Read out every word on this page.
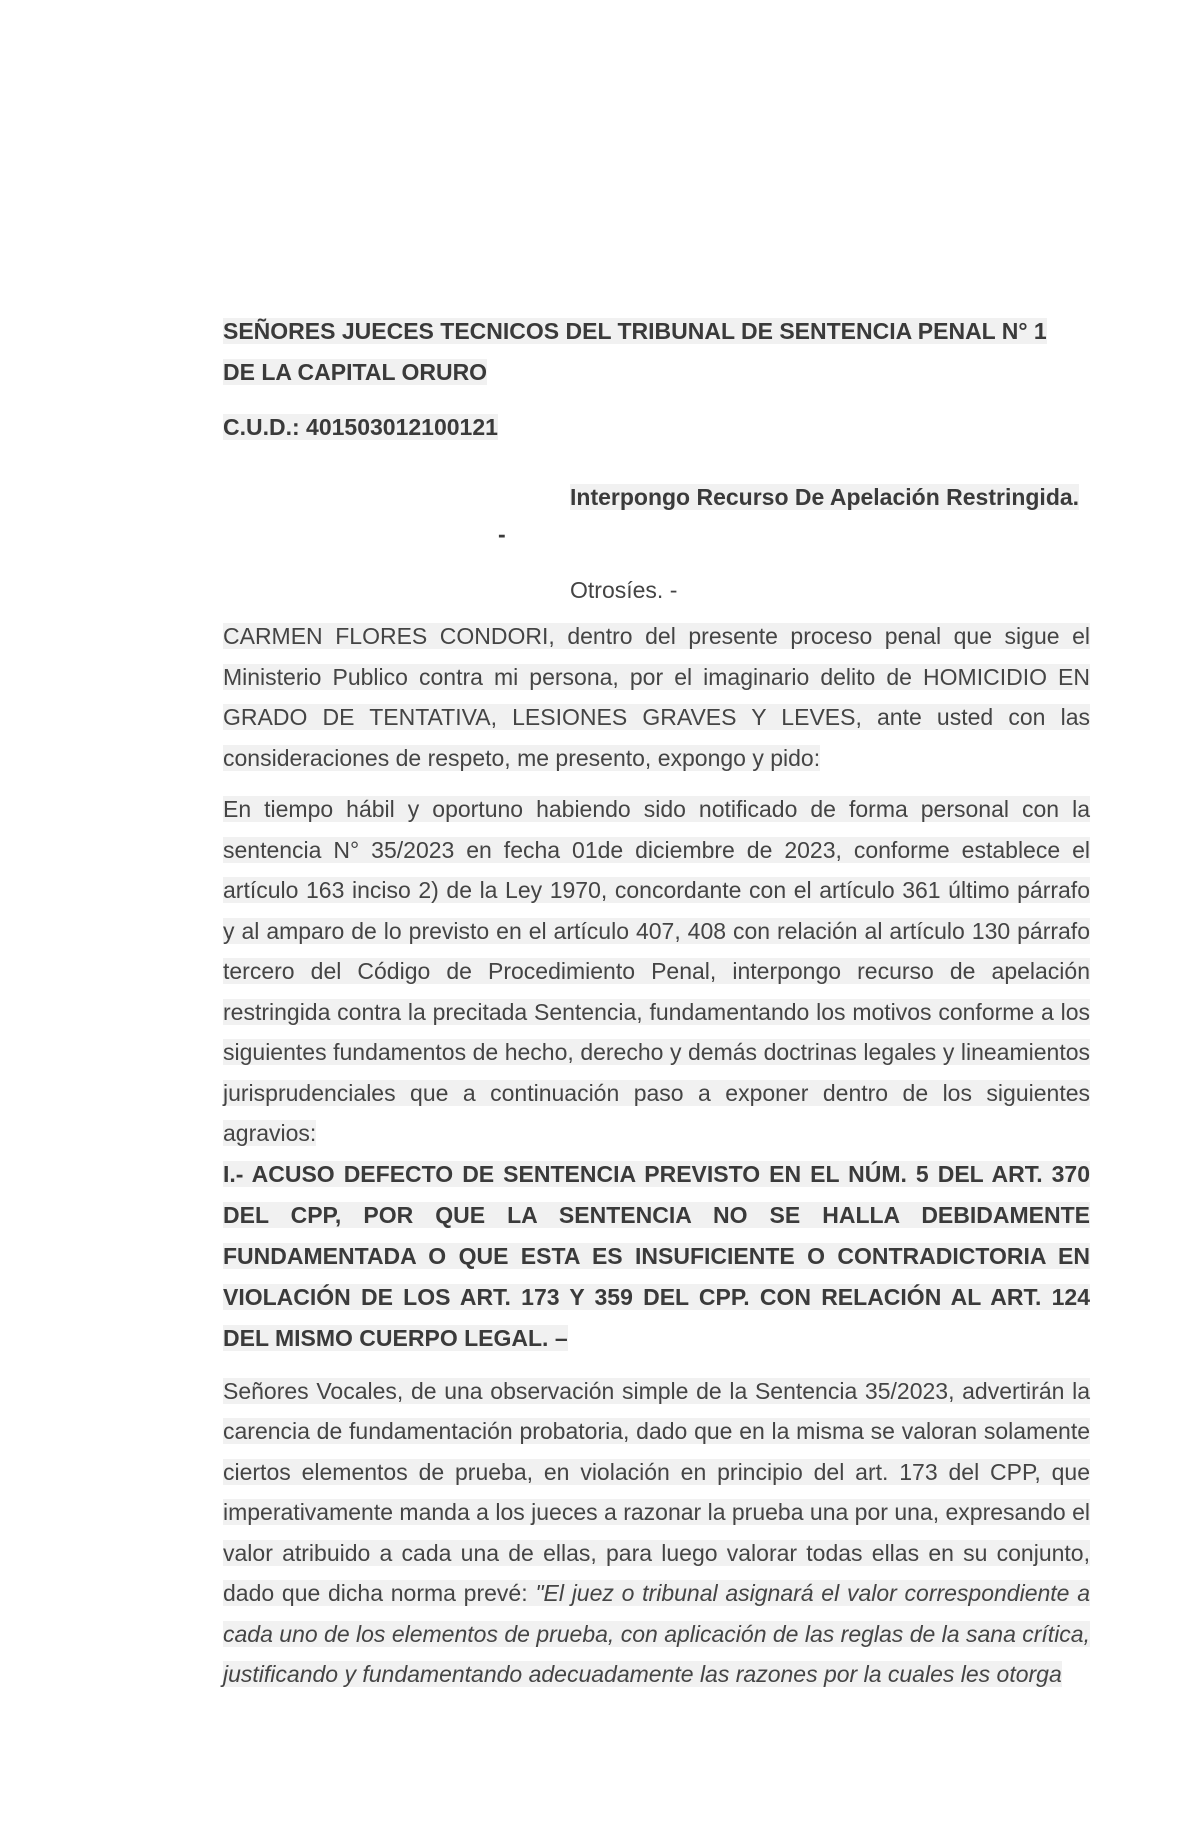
SEÑORES JUECES TECNICOS DEL TRIBUNAL DE SENTENCIA PENAL N° 1
DE LA CAPITAL ORURO

C.U.D.: 401503012100121

Interpongo Recurso De Apelación Restringida.

-
Otrosíes. -

CARMEN FLORES CONDORI, dentro del presente proceso penal que sigue el Ministerio Publico contra mi persona, por el imaginario delito de HOMICIDIO EN GRADO DE TENTATIVA, LESIONES GRAVES Y LEVES, ante usted con las consideraciones de respeto, me presento, expongo y pido:

En tiempo hábil y oportuno habiendo sido notificado de forma personal con la sentencia N° 35/2023 en fecha 01de diciembre de 2023, conforme establece el artículo 163 inciso 2) de la Ley 1970, concordante con el artículo 361 último párrafo y al amparo de lo previsto en el artículo 407, 408 con relación al artículo 130 párrafo tercero del Código de Procedimiento Penal, interpongo recurso de apelación restringida contra la precitada Sentencia, fundamentando los motivos conforme a los siguientes fundamentos de hecho, derecho y demás doctrinas legales y lineamientos jurisprudenciales que a continuación paso a exponer dentro de los siguientes agravios:

I.- ACUSO DEFECTO DE SENTENCIA PREVISTO EN EL NÚM. 5 DEL ART. 370 DEL CPP, POR QUE LA SENTENCIA NO SE HALLA DEBIDAMENTE FUNDAMENTADA O QUE ESTA ES INSUFICIENTE O CONTRADICTORIA EN VIOLACIÓN DE LOS ART. 173 Y 359 DEL CPP. CON RELACIÓN AL ART. 124 DEL MISMO CUERPO LEGAL. –

Señores Vocales, de una observación simple de la Sentencia 35/2023, advertirán la carencia de fundamentación probatoria, dado que en la misma se valoran solamente ciertos elementos de prueba, en violación en principio del art. 173 del CPP, que imperativamente manda a los jueces a razonar la prueba una por una, expresando el valor atribuido a cada una de ellas, para luego valorar todas ellas en su conjunto, dado que dicha norma prevé: "El juez o tribunal asignará el valor correspondiente a cada uno de los elementos de prueba, con aplicación de las reglas de la sana crítica, justificando y fundamentando adecuadamente las razones por la cuales les otorga
